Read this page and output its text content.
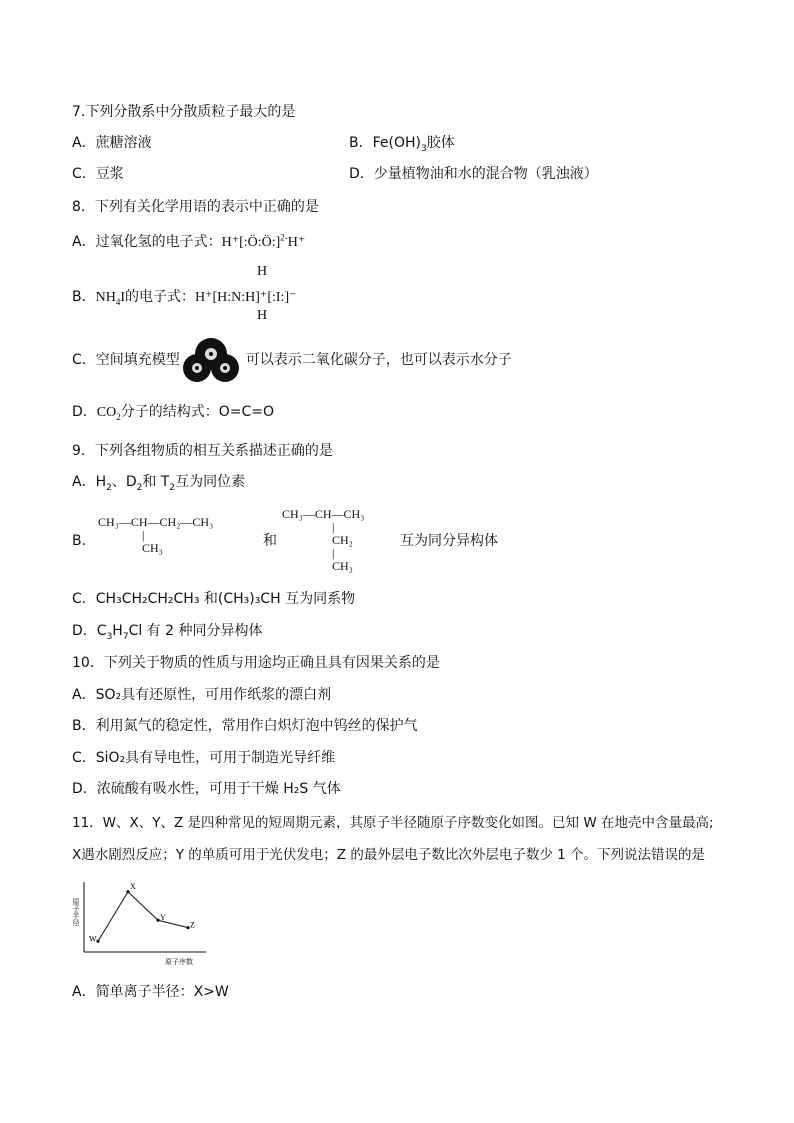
7.下列分散系中分散质粒子最大的是
A．蔗糖溶液	B．$Fe(OH)_3$胶体
C．豆浆	D．少量植物油和水的混合物（乳浊液）
8．下列有关化学用语的表示中正确的是
A．过氧化氢的电子式：H⁺[:Ö:Ö:]$^{2-}$H⁺
H
B．$NH_4I$的电子式：H⁺[H:N:H]⁺[:I:]⁻
H
C．空间填充模型	可以表示二氧化碳分子，也可以表示水分子
D．$CO_2$分子的结构式：O=C=O
9．下列各组物质的相互关系描述正确的是
A．$H_2$、$D_2$和 $T_2$互为同位素
B．
CH₃—CH—CH₂—CH₃
|
CH₃	和
CH₃—CH—CH₃
|
CH₂
|
CH₃
互为同分异构体
C．CH₃CH₂CH₂CH₃ 和(CH₃)₃CH 互为同系物
D．$C_3H_7Cl$ 有 2 种同分异构体
10．下列关于物质的性质与用途均正确且具有因果关系的是
A．SO₂具有还原性，可用作纸浆的漂白剂
B．利用氮气的稳定性，常用作白炽灯泡中钨丝的保护气
C．SiO₂具有导电性，可用于制造光导纤维
D．浓硫酸有吸水性，可用于干燥 H₂S 气体
11．W、X、Y、Z 是四种常见的短周期元素，其原子半径随原子序数变化如图。已知 W 在地壳中含量最高;
X遇水剧烈反应；Y 的单质可用于光伏发电；Z 的最外层电子数比次外层电子数少 1 个。下列说法错误的是
原子半径
原子序数
W
X
Y
Z
A．简单离子半径：X>W
